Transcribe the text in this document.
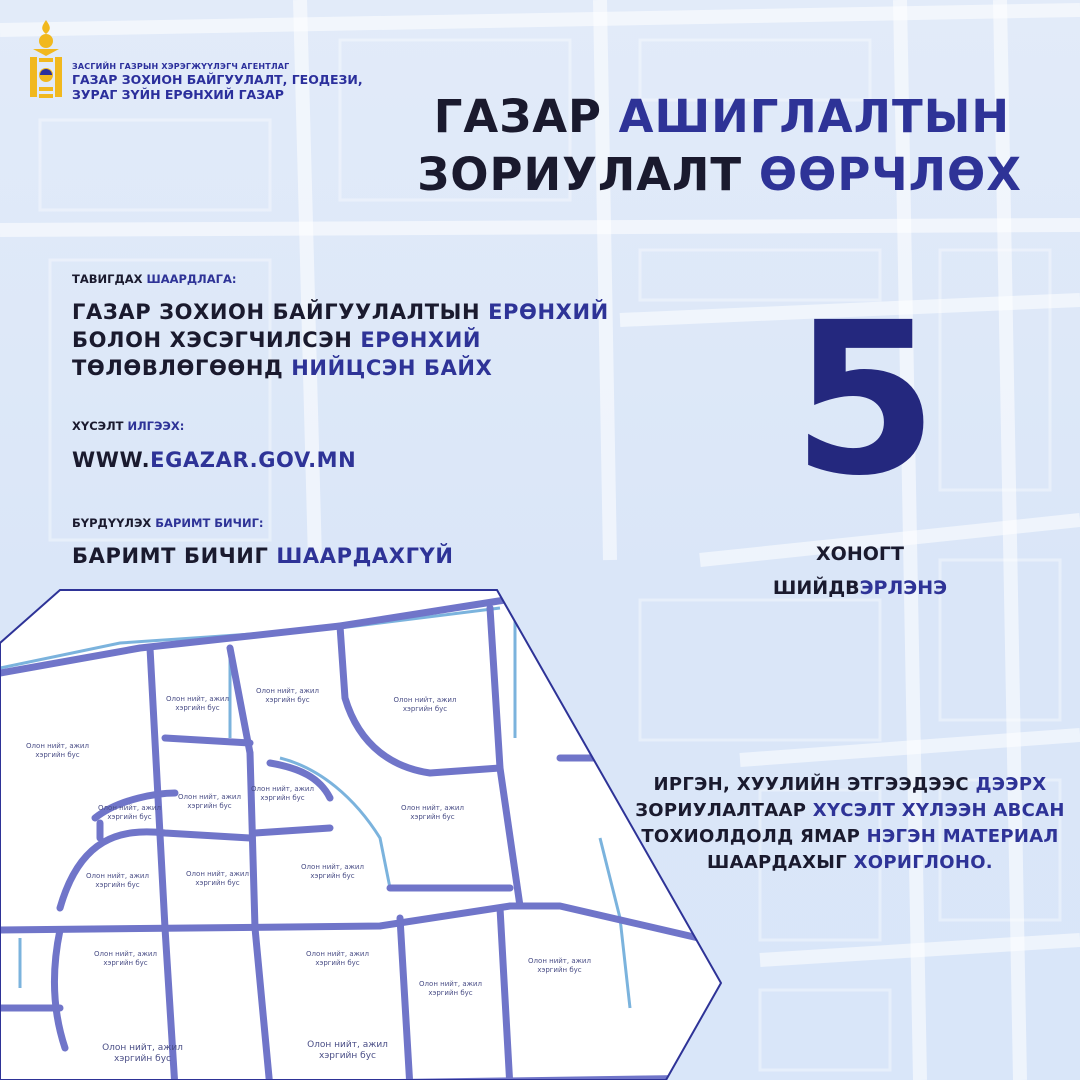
ЗАСГИЙН ГАЗРЫН ХЭРЭГЖҮҮЛЭГЧ АГЕНТЛАГ
ГАЗАР ЗОХИОН БАЙГУУЛАЛТ, ГЕОДЕЗИ,
ЗУРАГ ЗҮЙН ЕРӨНХИЙ ГАЗАР	ГАЗАР АШИГЛАЛТЫН
ЗОРИУЛАЛТ ӨӨРЧЛӨХ
ТАВИГДАХ ШААРДЛАГА:
ГАЗАР ЗОХИОН БАЙГУУЛАЛТЫН ЕРӨНХИЙ
БОЛОН ХЭСЭГЧИЛСЭН ЕРӨНХИЙ
ТӨЛӨВЛӨГӨӨНД НИЙЦСЭН БАЙХ
ХҮСЭЛТ ИЛГЭЭХ:
WWW.EGAZAR.GOV.MN
БҮРДҮҮЛЭХ БАРИМТ БИЧИГ:
БАРИМТ БИЧИГ ШААРДАХГҮЙ
5
ХОНОГТ
ШИЙДВЭРЛЭНЭ
ИРГЭН, ХУУЛИЙН ЭТГЭЭДЭЭС ДЭЭРХ
ЗОРИУЛАЛТААР ХҮСЭЛТ ХҮЛЭЭН АВСАН
ТОХИОЛДОЛД ЯМАР НЭГЭН МАТЕРИАЛ
ШААРДАХЫГ ХОРИГЛОНО.
Олон нийт, ажил
хэргийн бус
Олон нийт, ажил
хэргийн бус	Олон нийт, ажил
хэргийн бус
Олон нийт, ажил
хэргийн бус
Олон нийт, ажил
хэргийн бус
Олон нийт, ажил
хэргийн бус
Олон нийт, ажил
хэргийн бус
Олон нийт, ажил
хэргийн бус
Олон нийт, ажил
хэргийн бус
Олон нийт, ажил
хэргийн бус
Олон нийт, ажил
хэргийн бус
Олон нийт, ажил
хэргийн бус
Олон нийт, ажил
хэргийн бус
Олон нийт, ажил
хэргийн бус
Олон нийт, ажил
хэргийн бус
Олон нийт, ажил
хэргийн бус
Олон нийт, ажил
хэргийн бус
